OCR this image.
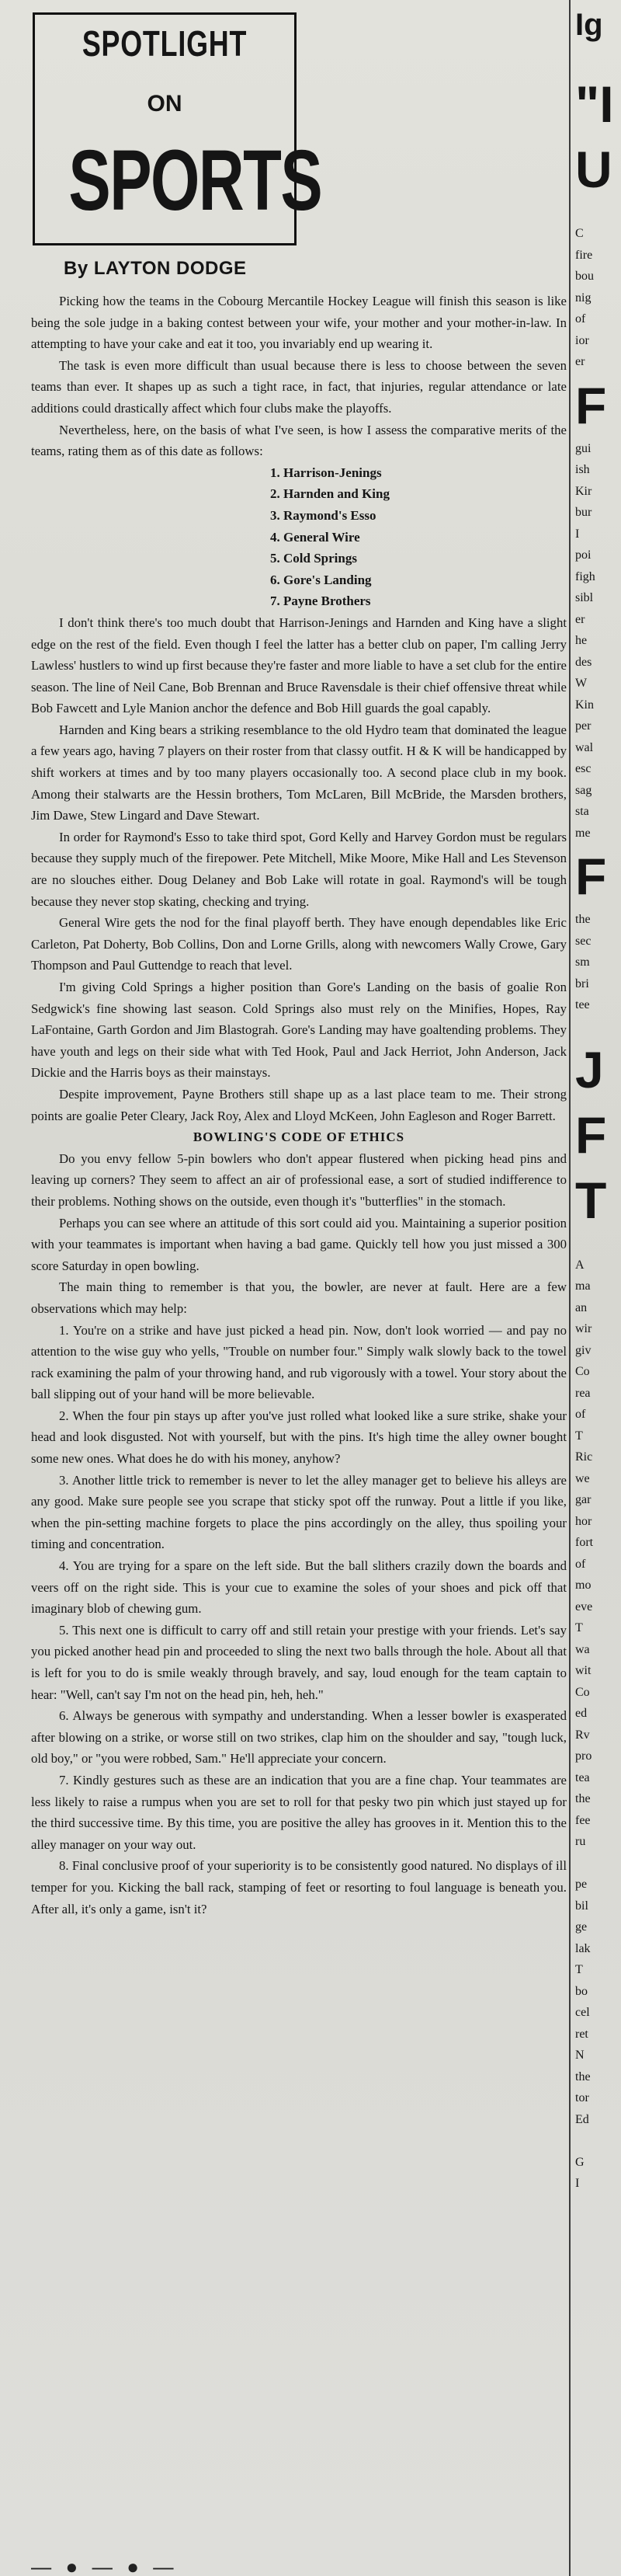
SPOTLIGHT
ON
SPORTS
By LAYTON DODGE

Picking how the teams in the Cobourg Mercantile Hockey League will finish this season is like being the sole judge in a baking contest between your wife, your mother and your mother-in-law. In attempting to have your cake and eat it too, you invariably end up wearing it.

The task is even more difficult than usual because there is less to choose between the seven teams than ever. It shapes up as such a tight race, in fact, that injuries, regular attendance or late additions could drastically affect which four clubs make the playoffs.

Nevertheless, here, on the basis of what I've seen, is how I assess the comparative merits of the teams, rating them as of this date as follows:

1. Harrison-Jenings
2. Harnden and King
3. Raymond's Esso
4. General Wire
5. Cold Springs
6. Gore's Landing
7. Payne Brothers

I don't think there's too much doubt that Harrison-Jenings and Harnden and King have a slight edge on the rest of the field. Even though I feel the latter has a better club on paper, I'm calling Jerry Lawless' hustlers to wind up first because they're faster and more liable to have a set club for the entire season. The line of Neil Cane, Bob Brennan and Bruce Ravensdale is their chief offensive threat while Bob Fawcett and Lyle Manion anchor the defence and Bob Hill guards the goal capably.

Harnden and King bears a striking resemblance to the old Hydro team that dominated the league a few years ago, having 7 players on their roster from that classy outfit. H & K will be handicapped by shift workers at times and by too many players occasionally too. A second place club in my book. Among their stalwarts are the Hessin brothers, Tom McLaren, Bill McBride, the Marsden brothers, Jim Dawe, Stew Lingard and Dave Stewart.

In order for Raymond's Esso to take third spot, Gord Kelly and Harvey Gordon must be regulars because they supply much of the firepower. Pete Mitchell, Mike Moore, Mike Hall and Les Stevenson are no slouches either. Doug Delaney and Bob Lake will rotate in goal. Raymond's will be tough because they never stop skating, checking and trying.

General Wire gets the nod for the final playoff berth. They have enough dependables like Eric Carleton, Pat Doherty, Bob Collins, Don and Lorne Grills, along with newcomers Wally Crowe, Gary Thompson and Paul Guttendge to reach that level.

I'm giving Cold Springs a higher position than Gore's Landing on the basis of goalie Ron Sedgwick's fine showing last season. Cold Springs also must rely on the Minifies, Hopes, Ray LaFontaine, Garth Gordon and Jim Blastograh. Gore's Landing may have goaltending problems. They have youth and legs on their side what with Ted Hook, Paul and Jack Herriot, John Anderson, Jack Dickie and the Harris boys as their mainstays.

Despite improvement, Payne Brothers still shape up as a last place team to me. Their strong points are goalie Peter Cleary, Jack Roy, Alex and Lloyd McKeen, John Eagleson and Roger Barrett.

BOWLING'S CODE OF ETHICS

Do you envy fellow 5-pin bowlers who don't appear flustered when picking head pins and leaving up corners? They seem to affect an air of professional ease, a sort of studied indifference to their problems. Nothing shows on the outside, even though it's "butterflies" in the stomach.

Perhaps you can see where an attitude of this sort could aid you. Maintaining a superior position with your teammates is important when having a bad game. Quickly tell how you just missed a 300 score Saturday in open bowling.

The main thing to remember is that you, the bowler, are never at fault. Here are a few observations which may help:

1. You're on a strike and have just picked a head pin. Now, don't look worried — and pay no attention to the wise guy who yells, "Trouble on number four." Simply walk slowly back to the towel rack examining the palm of your throwing hand, and rub vigorously with a towel. Your story about the ball slipping out of your hand will be more believable.

2. When the four pin stays up after you've just rolled what looked like a sure strike, shake your head and look disgusted. Not with yourself, but with the pins. It's high time the alley owner bought some new ones. What does he do with his money, anyhow?

3. Another little trick to remember is never to let the alley manager get to believe his alleys are any good. Make sure people see you scrape that sticky spot off the runway. Pout a little if you like, when the pin-setting machine forgets to place the pins accordingly on the alley, thus spoiling your timing and concentration.

4. You are trying for a spare on the left side. But the ball slithers crazily down the boards and veers off on the right side. This is your cue to examine the soles of your shoes and pick off that imaginary blob of chewing gum.

5. This next one is difficult to carry off and still retain your prestige with your friends. Let's say you picked another head pin and proceeded to sling the next two balls through the hole. About all that is left for you to do is smile weakly through bravely, and say, loud enough for the team captain to hear: "Well, can't say I'm not on the head pin, heh, heh."

6. Always be generous with sympathy and understanding. When a lesser bowler is exasperated after blowing on a strike, or worse still on two strikes, clap him on the shoulder and say, "tough luck, old boy," or "you were robbed, Sam." He'll appreciate your concern.

7. Kindly gestures such as these are an indication that you are a fine chap. Your teammates are less likely to raise a rumpus when you are set to roll for that pesky two pin which just stayed up for the third successive time. By this time, you are positive the alley has grooves in it. Mention this to the alley manager on your way out.

8. Final conclusive proof of your superiority is to be consistently good natured. No displays of ill temper for you. Kicking the ball rack, stamping of feet or resorting to foul language is beneath you. After all, it's only a game, isn't it?

Ig

"I
U

C
fire
bou
nig
of
ior
er
F
gui
ish
Kir
bur
I
poi
figh
sibl
er
he
des
W
Kin
per
wal
esc
sag
sta
me
F
the
sec
sm
bri
tee

J
F
T

A
ma
an
wir
giv
Co
rea
of
T
Ric
we
gar
hor
fort
of
mo
eve
T
wa
wit
Co
ed
Rv
pro
tea
the
fee
ru

pe
bil
ge
lak
T
bo
cel
ret
N
the
tor
Ed

G
I
— ● — ● —
